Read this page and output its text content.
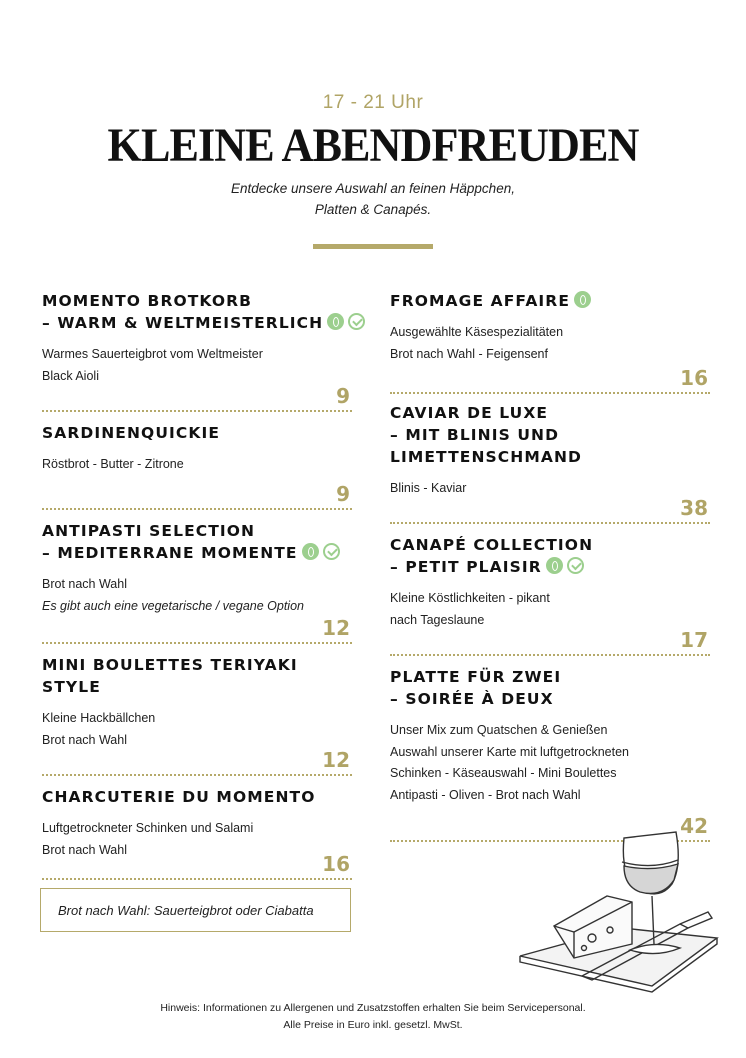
17 - 21 Uhr
KLEINE ABENDFREUDEN
Entdecke unsere Auswahl an feinen Häppchen,
Platten & Canapés.
MOMENTO BROTKORB
– WARM & WELTMEISTERLICH
Warmes Sauerteigbrot vom Weltmeister
Black Aioli
9
SARDINENQUICKIE
Röstbrot - Butter - Zitrone
9
ANTIPASTI SELECTION
– MEDITERRANE MOMENTE
Brot nach Wahl
Es gibt auch eine vegetarische / vegane Option
12
MINI BOULETTES TERIYAKI
STYLE
Kleine Hackbällchen
Brot nach Wahl
12
CHARCUTERIE DU MOMENTO
Luftgetrockneter Schinken und Salami
Brot nach Wahl
16
FROMAGE AFFAIRE
Ausgewählte Käsespezialitäten
Brot nach Wahl - Feigensenf
16
CAVIAR DE LUXE
– MIT BLINIS UND
LIMETTENSCHMAND
Blinis - Kaviar
38
CANAPÉ COLLECTION
– PETIT PLAISIR
Kleine Köstlichkeiten - pikant
nach Tageslaune
17
PLATTE FÜR ZWEI
– SOIRÉE À DEUX
Unser Mix zum Quatschen & Genießen
Auswahl unserer Karte mit luftgetrockneten
Schinken - Käseauswahl - Mini Boulettes
Antipasti - Oliven - Brot nach Wahl
42
Brot nach Wahl: Sauerteigbrot oder Ciabatta
Hinweis: Informationen zu Allergenen und Zusatzstoffen erhalten Sie beim Servicepersonal.
Alle Preise in Euro inkl. gesetzl. MwSt.
